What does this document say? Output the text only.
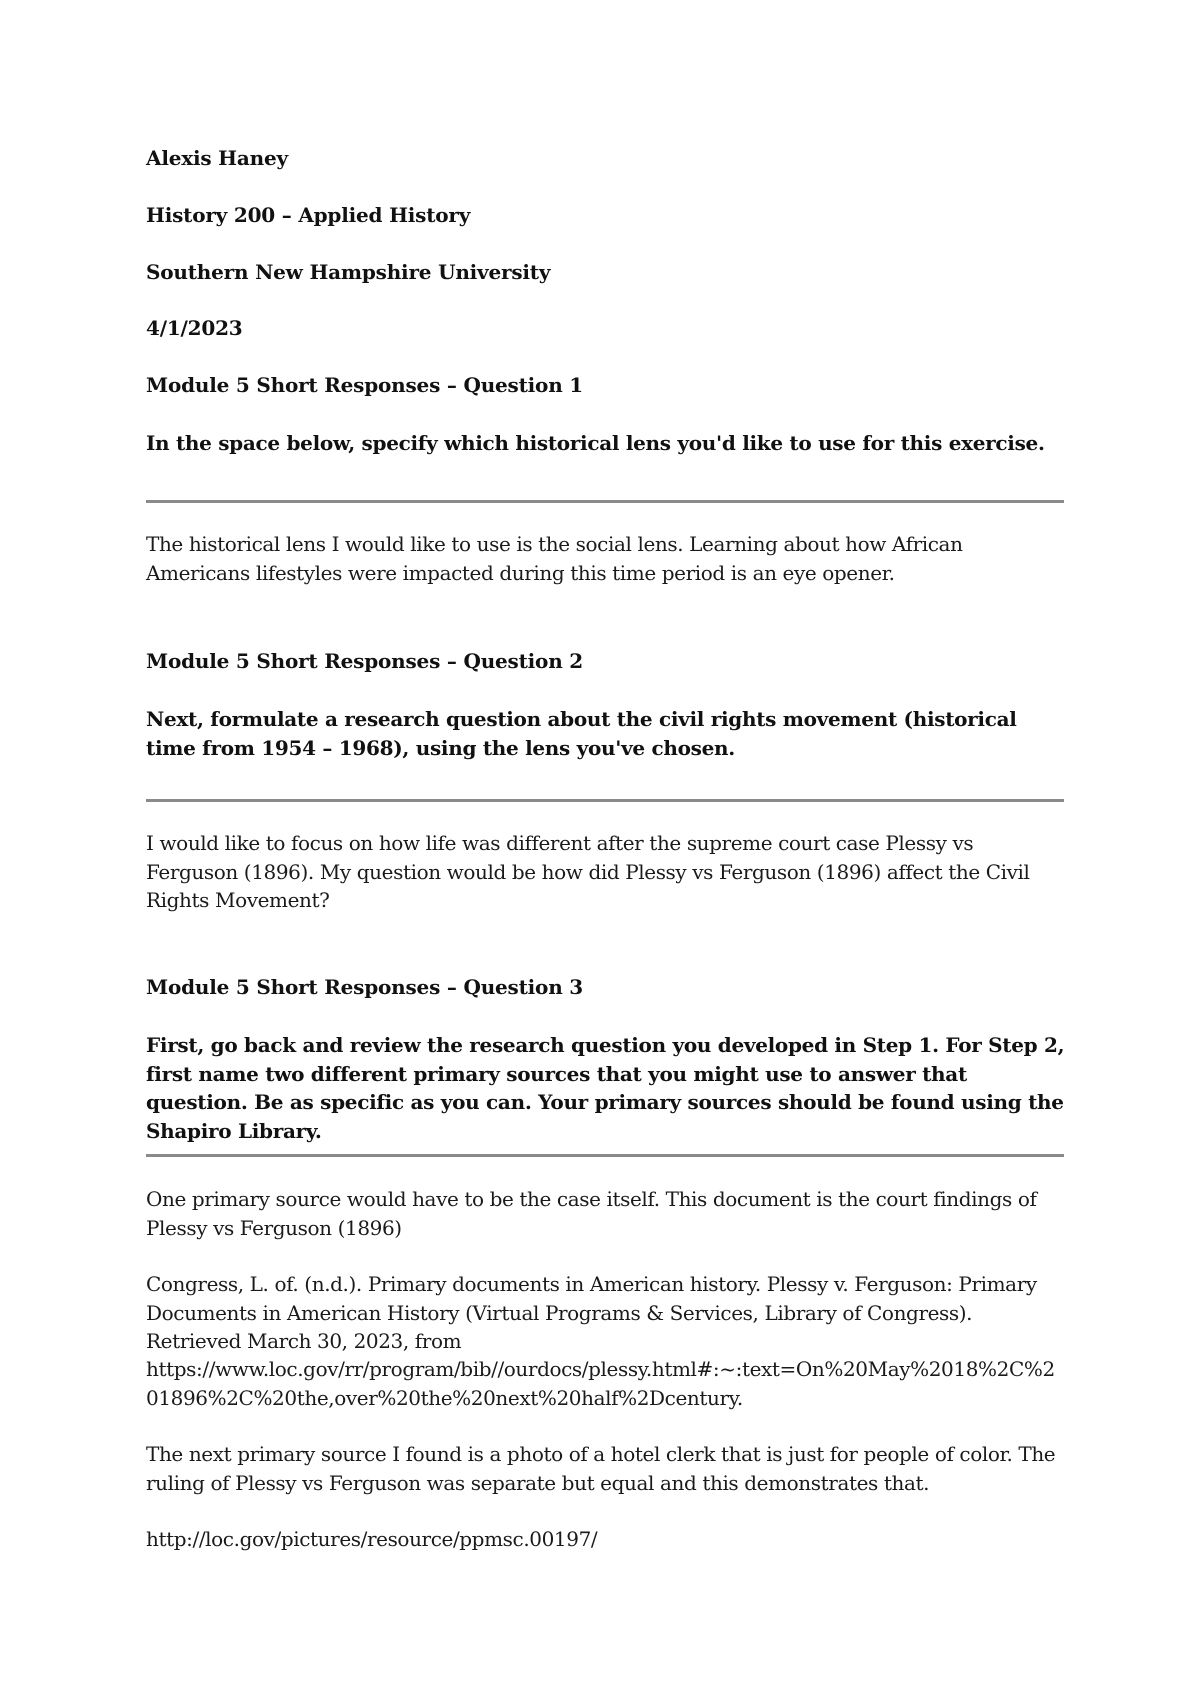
Alexis Haney
History 200 – Applied History
Southern New Hampshire University
4/1/2023
Module 5 Short Responses – Question 1
In the space below, specify which historical lens you'd like to use for this exercise.
The historical lens I would like to use is the social lens. Learning about how African Americans lifestyles were impacted during this time period is an eye opener.
Module 5 Short Responses – Question 2
Next, formulate a research question about the civil rights movement (historical time from 1954 – 1968), using the lens you've chosen.
I would like to focus on how life was different after the supreme court case Plessy vs Ferguson (1896). My question would be how did Plessy vs Ferguson (1896) affect the Civil Rights Movement?
Module 5 Short Responses – Question 3
First, go back and review the research question you developed in Step 1. For Step 2, first name two different primary sources that you might use to answer that question. Be as specific as you can. Your primary sources should be found using the Shapiro Library.
One primary source would have to be the case itself. This document is the court findings of Plessy vs Ferguson (1896)
Congress, L. of. (n.d.). Primary documents in American history. Plessy v. Ferguson: Primary Documents in American History (Virtual Programs & Services, Library of Congress). Retrieved March 30, 2023, from
https://www.loc.gov/rr/program/bib//ourdocs/plessy.html#:~:text=On%20May%2018%2C%201896%2C%20the,over%20the%20next%20half%2Dcentury.
The next primary source I found is a photo of a hotel clerk that is just for people of color. The ruling of Plessy vs Ferguson was separate but equal and this demonstrates that.
http://loc.gov/pictures/resource/ppmsc.00197/
